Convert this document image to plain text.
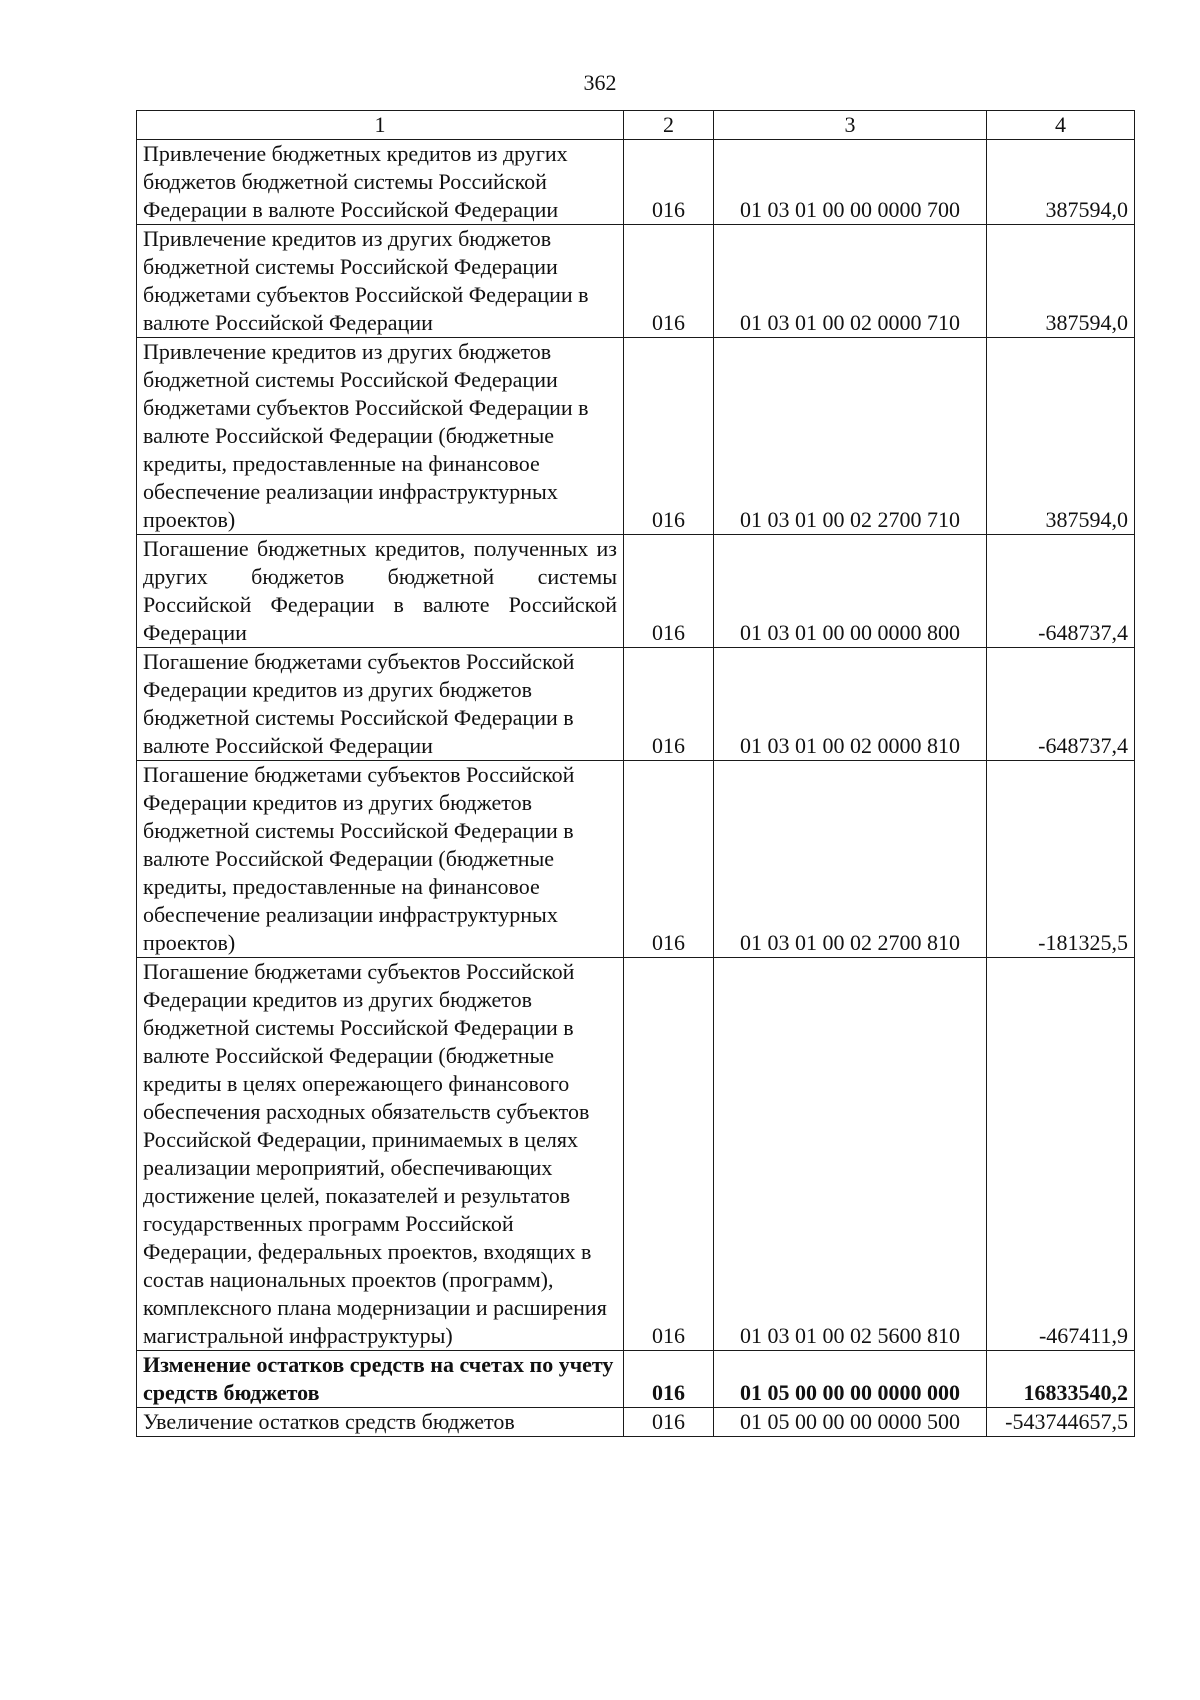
362
1	2	3	4
Привлечение бюджетных кредитов из других бюджетов бюджетной системы Российской Федерации в валюте Российской Федерации	016	01 03 01 00 00 0000 700	387594,0
Привлечение кредитов из других бюджетов бюджетной системы Российской Федерации бюджетами субъектов Российской Федерации в валюте Российской Федерации	016	01 03 01 00 02 0000 710	387594,0
Привлечение кредитов из других бюджетов бюджетной системы Российской Федерации бюджетами субъектов Российской Федерации в валюте Российской Федерации (бюджетные кредиты, предоставленные на финансовое обеспечение реализации инфраструктурных проектов)	016	01 03 01 00 02 2700 710	387594,0
Погашение бюджетных кредитов, полученных из других бюджетов бюджетной системы Российской Федерации в валюте Российской Федерации	016	01 03 01 00 00 0000 800	-648737,4
Погашение бюджетами субъектов Российской Федерации кредитов из других бюджетов бюджетной системы Российской Федерации в валюте Российской Федерации	016	01 03 01 00 02 0000 810	-648737,4
Погашение бюджетами субъектов Российской Федерации кредитов из других бюджетов бюджетной системы Российской Федерации в валюте Российской Федерации (бюджетные кредиты, предоставленные на финансовое обеспечение реализации инфраструктурных проектов)	016	01 03 01 00 02 2700 810	-181325,5
Погашение бюджетами субъектов Российской Федерации кредитов из других бюджетов бюджетной системы Российской Федерации в валюте Российской Федерации (бюджетные кредиты в целях опережающего финансового обеспечения расходных обязательств субъектов Российской Федерации, принимаемых в целях реализации мероприятий, обеспечивающих достижение целей, показателей и результатов государственных программ Российской Федерации, федеральных проектов, входящих в состав национальных проектов (программ), комплексного плана модернизации и расширения магистральной инфраструктуры)	016	01 03 01 00 02 5600 810	-467411,9
Изменение остатков средств на счетах по учету средств бюджетов	016	01 05 00 00 00 0000 000	16833540,2
Увеличение остатков средств бюджетов	016	01 05 00 00 00 0000 500	-543744657,5
